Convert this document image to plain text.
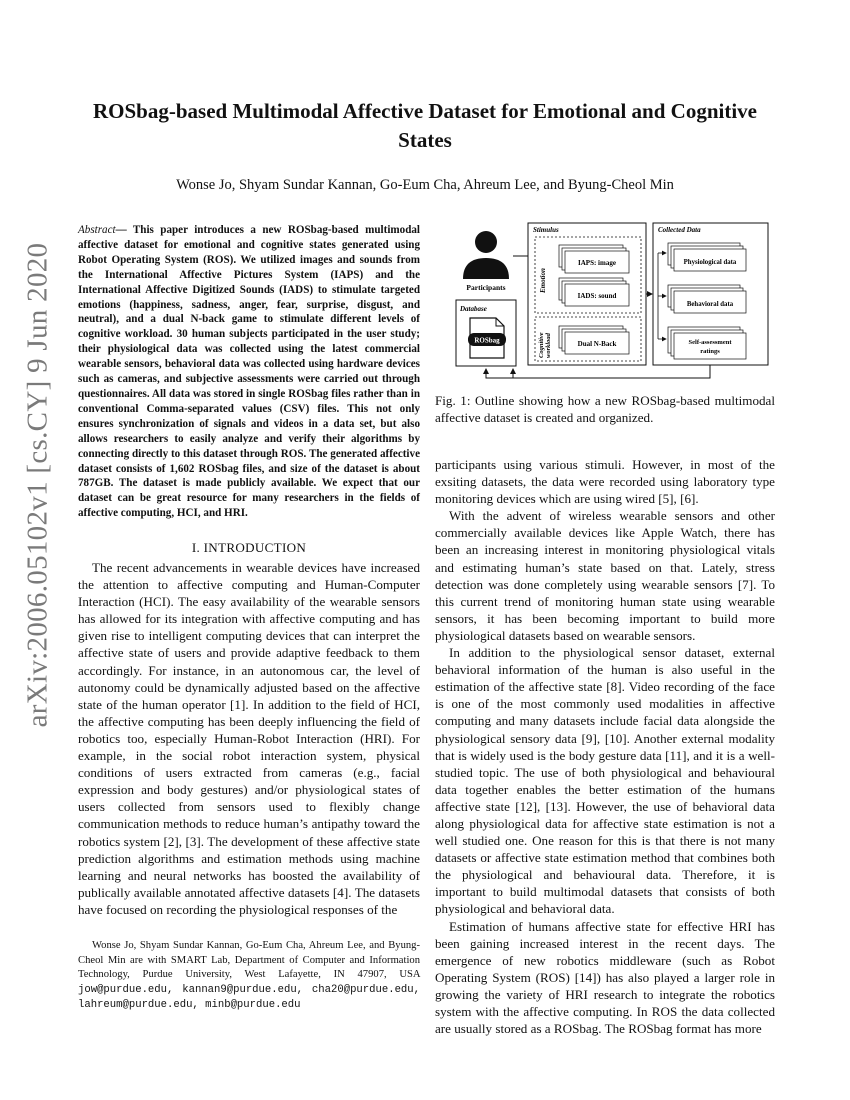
arXiv:2006.05102v1 [cs.CY] 9 Jun 2020
ROSbag-based Multimodal Affective Dataset for Emotional and Cognitive States
Wonse Jo, Shyam Sundar Kannan, Go-Eum Cha, Ahreum Lee, and Byung-Cheol Min

Abstract— This paper introduces a new ROSbag-based multimodal affective dataset for emotional and cognitive states generated using Robot Operating System (ROS). We utilized images and sounds from the International Affective Pictures System (IAPS) and the International Affective Digitized Sounds (IADS) to stimulate targeted emotions (happiness, sadness, anger, fear, surprise, disgust, and neutral), and a dual N-back game to stimulate different levels of cognitive workload. 30 human subjects participated in the user study; their physiological data was collected using the latest commercial wearable sensors, behavioral data was collected using hardware devices such as cameras, and subjective assessments were carried out through questionnaires. All data was stored in single ROSbag files rather than in conventional Comma-separated values (CSV) files. This not only ensures synchronization of signals and videos in a data set, but also allows researchers to easily analyze and verify their algorithms by connecting directly to this dataset through ROS. The generated affective dataset consists of 1,602 ROSbag files, and size of the dataset is about 787GB. The dataset is made publicly available. We expect that our dataset can be great resource for many researchers in the fields of affective computing, HCI, and HRI.

I. INTRODUCTION

The recent advancements in wearable devices have increased the attention to affective computing and Human-Computer Interaction (HCI). The easy availability of the wearable sensors has allowed for its integration with affective computing and has given rise to intelligent computing devices that can interpret the affective state of users and provide adaptive feedback to them accordingly. For instance, in an autonomous car, the level of autonomy could be dynamically adjusted based on the affective state of the human operator [1]. In addition to the field of HCI, the affective computing has been deeply influencing the field of robotics too, especially Human-Robot Interaction (HRI). For example, in the social robot interaction system, physical conditions of users extracted from cameras (e.g., facial expression and body gestures) and/or physiological states of users collected from sensors used to flexibly change communication methods to reduce human’s antipathy toward the robotics system [2], [3]. The development of these affective state prediction algorithms and estimation methods using machine learning and neural networks has boosted the availability of publically available annotated affective datasets [4]. The datasets have focused on recording the physiological responses of the

Wonse Jo, Shyam Sundar Kannan, Go-Eum Cha, Ahreum Lee, and Byung-Cheol Min are with SMART Lab, Department of Computer and Information Technology, Purdue University, West Lafayette, IN 47907, USA jow@purdue.edu, kannan9@purdue.edu, cha20@purdue.edu, lahreum@purdue.edu, minb@purdue.edu

Participants
Database
ROSbag
Stimulus
Emotion
Cognitive workload
IAPS: image
IADS: sound
Dual N-Back
Collected Data
Physiological data
Behavioral data
Self-assessment
ratings
Fig. 1: Outline showing how a new ROSbag-based multimodal affective dataset is created and organized.

participants using various stimuli. However, in most of the exsiting datasets, the data were recorded using laboratory type monitoring devices which are using wired [5], [6].

With the advent of wireless wearable sensors and other commercially available devices like Apple Watch, there has been an increasing interest in monitoring physiological vitals and estimating human’s state based on that. Lately, stress detection was done completely using wearable sensors [7]. To this current trend of monitoring human state using wearable sensors, it has been becoming important to build more physiological datasets based on wearable sensors.

In addition to the physiological sensor dataset, external behavioral information of the human is also useful in the estimation of the affective state [8]. Video recording of the face is one of the most commonly used modalities in affective computing and many datasets include facial data alongside the physiological sensory data [9], [10]. Another external modality that is widely used is the body gesture data [11], and it is a well-studied topic. The use of both physiological and behavioural data together enables the better estimation of the humans affective state [12], [13]. However, the use of behavioral data along physiological data for affective state estimation is not a well studied one. One reason for this is that there is not many datasets or affective state estimation method that combines both the physiological and behavioural data. Therefore, it is important to build multimodal datasets that consists of both physiological and behavioral data.

Estimation of humans affective state for effective HRI has been gaining increased interest in the recent days. The emergence of new robotics middleware (such as Robot Operating System (ROS) [14]) has also played a larger role in growing the variety of HRI research to integrate the robotics system with the affective computing. In ROS the data collected are usually stored as a ROSbag. The ROSbag format has more
